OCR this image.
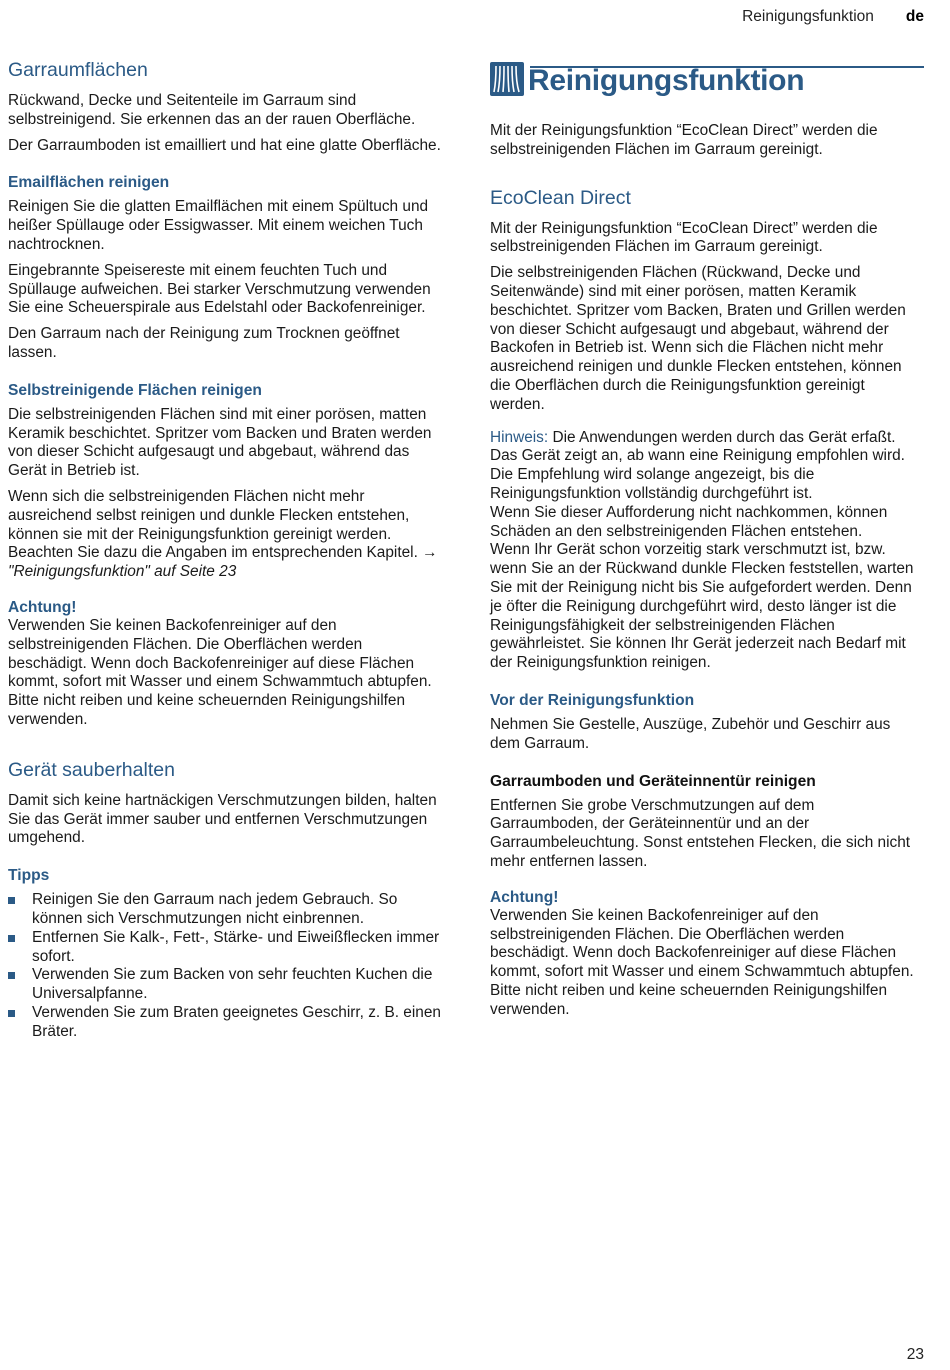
Reinigungsfunktion de
Garraumflächen

Rückwand, Decke und Seitenteile im Garraum sind selbstreinigend. Sie erkennen das an der rauen Oberfläche.

Der Garraumboden ist emailliert und hat eine glatte Oberfläche.

Emailflächen reinigen

Reinigen Sie die glatten Emailflächen mit einem Spültuch und heißer Spüllauge oder Essigwasser. Mit einem weichen Tuch nachtrocknen.

Eingebrannte Speisereste mit einem feuchten Tuch und Spüllauge aufweichen. Bei starker Verschmutzung verwenden Sie eine Scheuerspirale aus Edelstahl oder Backofenreiniger.

Den Garraum nach der Reinigung zum Trocknen geöffnet lassen.

Selbstreinigende Flächen reinigen

Die selbstreinigenden Flächen sind mit einer porösen, matten Keramik beschichtet. Spritzer vom Backen und Braten werden von dieser Schicht aufgesaugt und abgebaut, während das Gerät in Betrieb ist.

Wenn sich die selbstreinigenden Flächen nicht mehr ausreichend selbst reinigen und dunkle Flecken entstehen, können sie mit der Reinigungsfunktion gereinigt werden. Beachten Sie dazu die Angaben im entsprechenden Kapitel. → "Reinigungsfunktion" auf Seite 23

Achtung!

Verwenden Sie keinen Backofenreiniger auf den selbstreinigenden Flächen. Die Oberflächen werden beschädigt. Wenn doch Backofenreiniger auf diese Flächen kommt, sofort mit Wasser und einem Schwammtuch abtupfen. Bitte nicht reiben und keine scheuernden Reinigungshilfen verwenden.

Gerät sauberhalten

Damit sich keine hartnäckigen Verschmutzungen bilden, halten Sie das Gerät immer sauber und entfernen Verschmutzungen umgehend.

Tipps
Reinigen Sie den Garraum nach jedem Gebrauch. So können sich Verschmutzungen nicht einbrennen.
Entfernen Sie Kalk-, Fett-, Stärke- und Eiweißflecken immer sofort.
Verwenden Sie zum Backen von sehr feuchten Kuchen die Universalpfanne.
Verwenden Sie zum Braten geeignetes Geschirr, z. B. einen Bräter.
Reinigungsfunktion

Mit der Reinigungsfunktion “EcoClean Direct” werden die selbstreinigenden Flächen im Garraum gereinigt.

EcoClean Direct

Mit der Reinigungsfunktion “EcoClean Direct” werden die selbstreinigenden Flächen im Garraum gereinigt.

Die selbstreinigenden Flächen (Rückwand, Decke und Seitenwände) sind mit einer porösen, matten Keramik beschichtet. Spritzer vom Backen, Braten und Grillen werden von dieser Schicht aufgesaugt und abgebaut, während der Backofen in Betrieb ist. Wenn sich die Flächen nicht mehr ausreichend reinigen und dunkle Flecken entstehen, können die Oberflächen durch die Reinigungsfunktion gereinigt werden.

Hinweis: Die Anwendungen werden durch das Gerät erfaßt. Das Gerät zeigt an, ab wann eine Reinigung empfohlen wird. Die Empfehlung wird solange angezeigt, bis die Reinigungsfunktion vollständig durchgeführt ist.

Wenn Sie dieser Aufforderung nicht nachkommen, können Schäden an den selbstreinigenden Flächen entstehen.

Wenn Ihr Gerät schon vorzeitig stark verschmutzt ist, bzw. wenn Sie an der Rückwand dunkle Flecken feststellen, warten Sie mit der Reinigung nicht bis Sie aufgefordert werden. Denn je öfter die Reinigung durchgeführt wird, desto länger ist die Reinigungsfähigkeit der selbstreinigenden Flächen gewährleistet. Sie können Ihr Gerät jederzeit nach Bedarf mit der Reinigungsfunktion reinigen.

Vor der Reinigungsfunktion

Nehmen Sie Gestelle, Auszüge, Zubehör und Geschirr aus dem Garraum.

Garraumboden und Geräteinnentür reinigen

Entfernen Sie grobe Verschmutzungen auf dem Garraumboden, der Geräteinnentür und an der Garraumbeleuchtung. Sonst entstehen Flecken, die sich nicht mehr entfernen lassen.

Achtung!

Verwenden Sie keinen Backofenreiniger auf den selbstreinigenden Flächen. Die Oberflächen werden beschädigt. Wenn doch Backofenreiniger auf diese Flächen kommt, sofort mit Wasser und einem Schwammtuch abtupfen. Bitte nicht reiben und keine scheuernden Reinigungshilfen verwenden.

23
